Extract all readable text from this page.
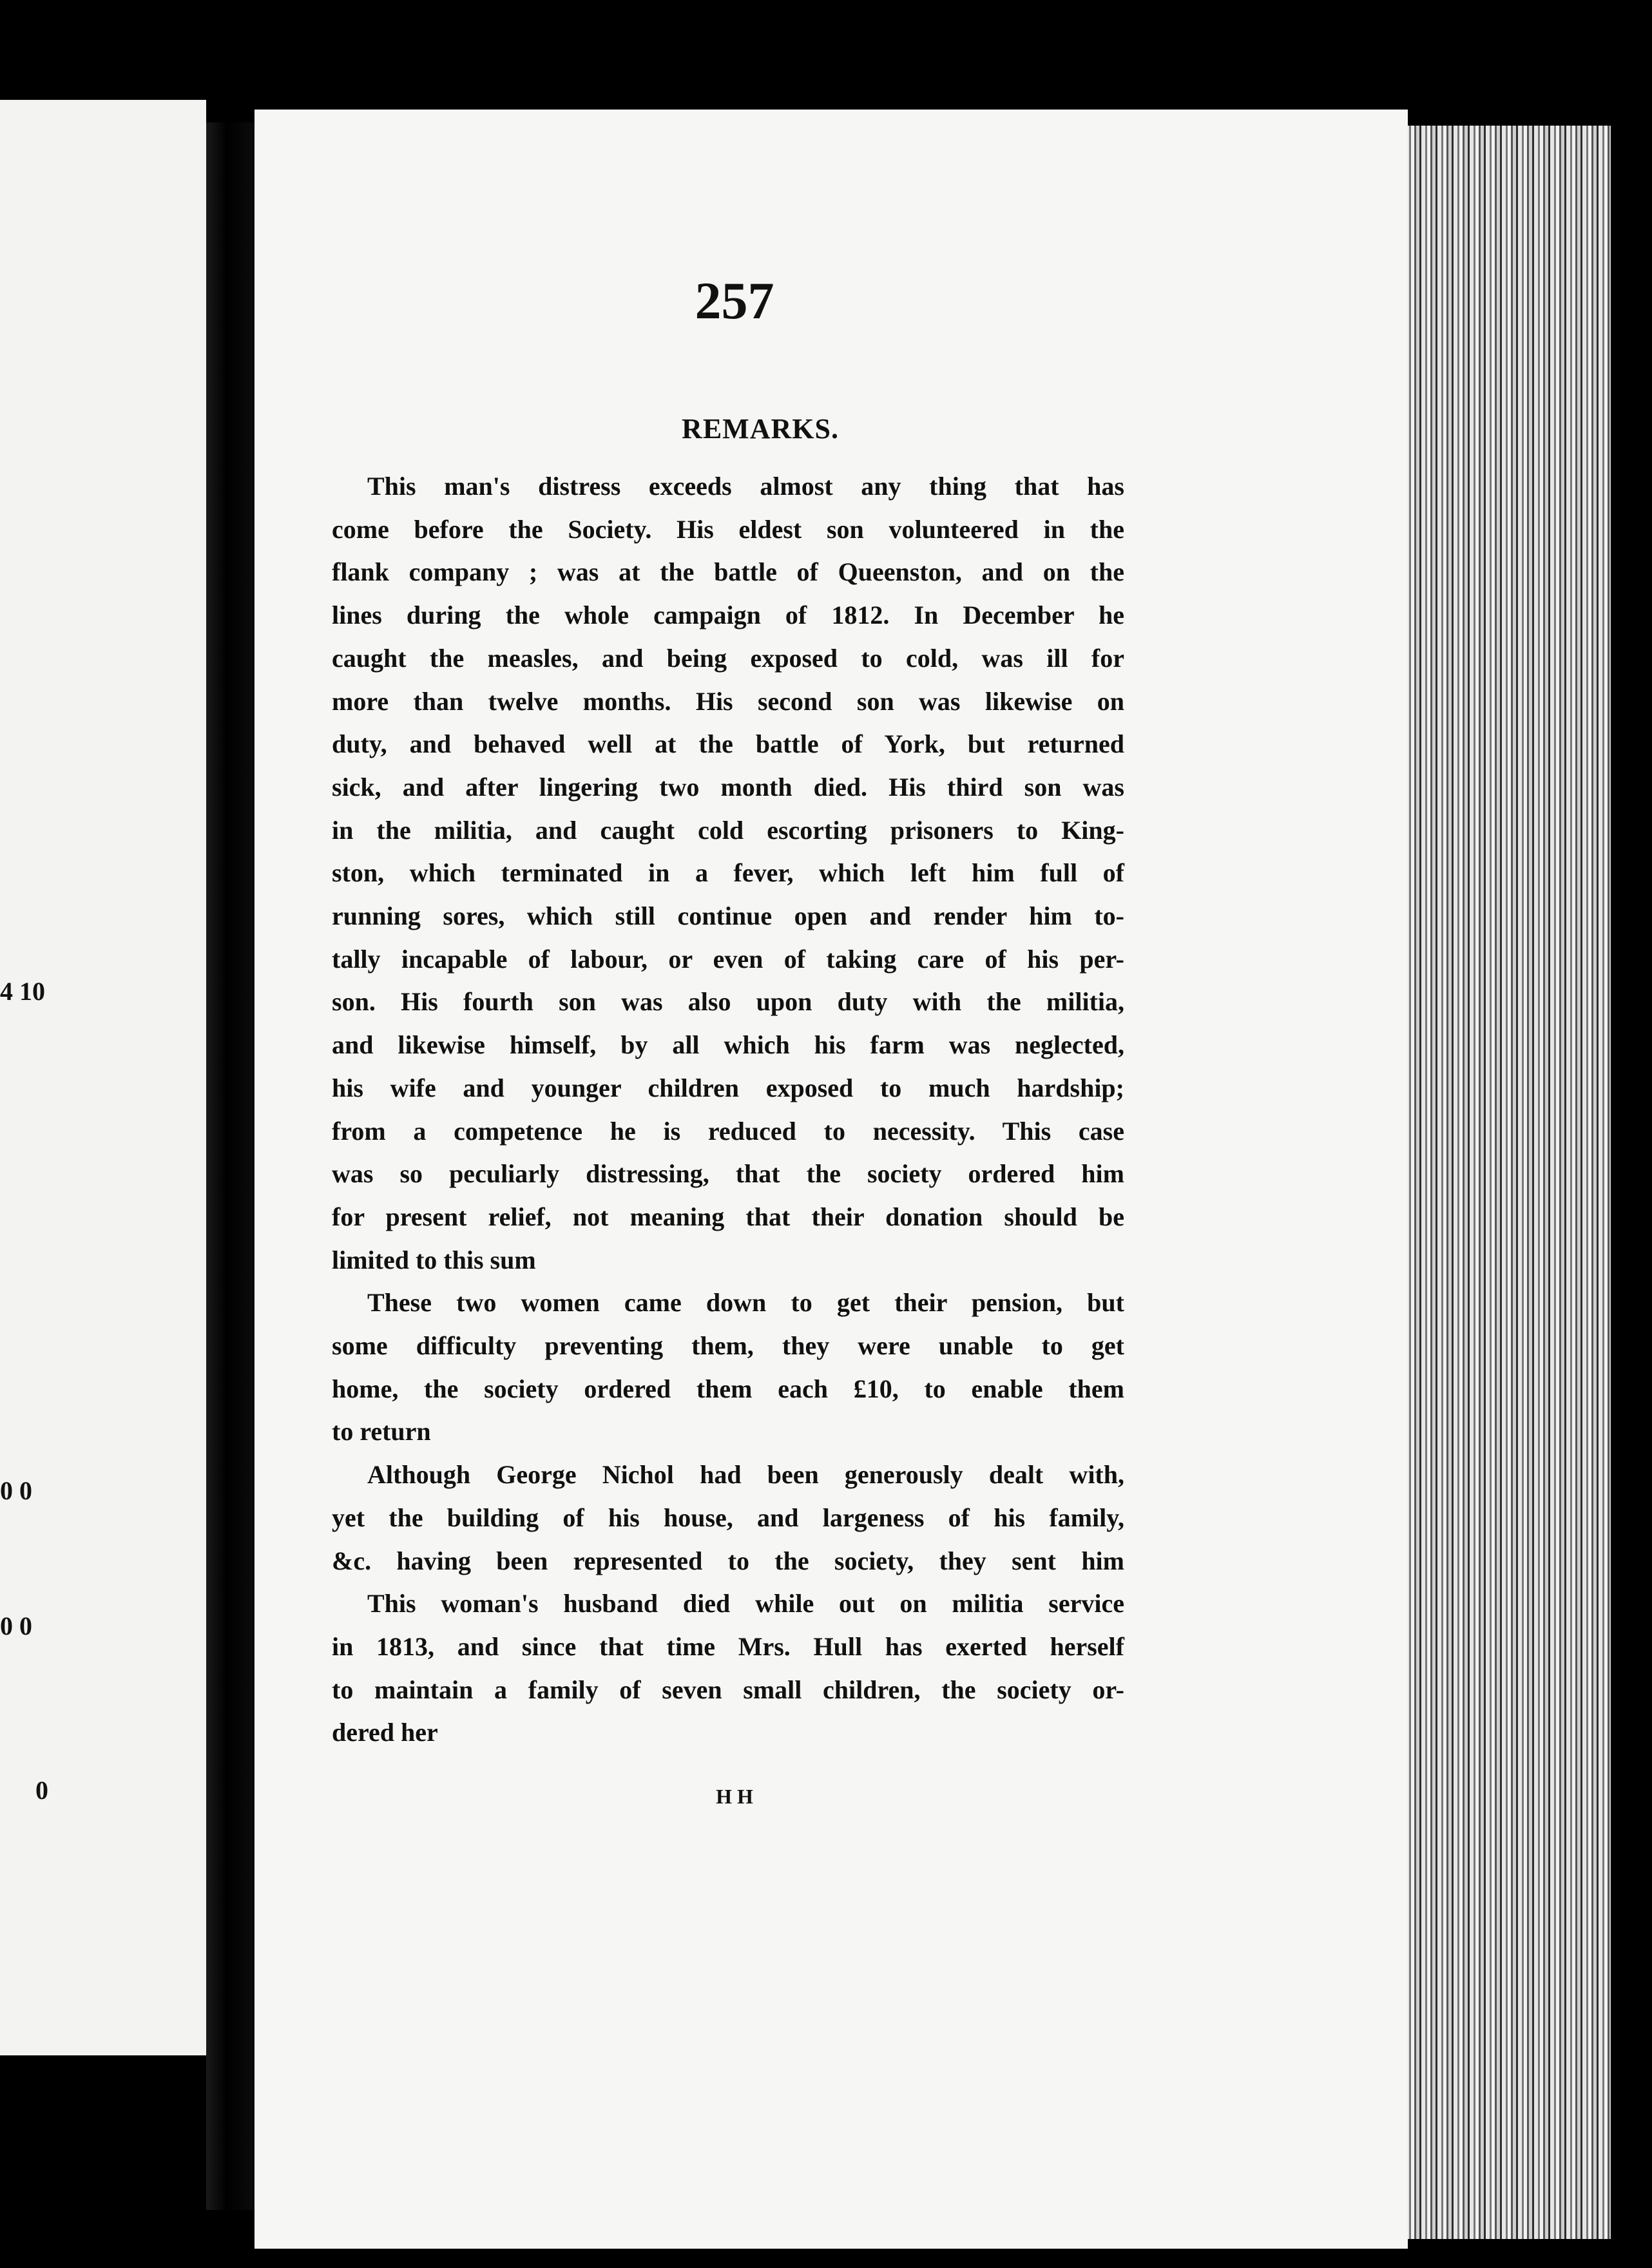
4 10
0 0
0 0
0
257
REMARKS.
This man's distress exceeds almost any thing that has
come before the Society. His eldest son volunteered in the
flank company ; was at the battle of Queenston, and on the
lines during the whole campaign of 1812. In December he
caught the measles, and being exposed to cold, was ill for
more than twelve months. His second son was likewise on
duty, and behaved well at the battle of York, but returned
sick, and after lingering two month died. His third son was
in the militia, and caught cold escorting prisoners to King-
ston, which terminated in a fever, which left him full of
running sores, which still continue open and render him to-
tally incapable of labour, or even of taking care of his per-
son. His fourth son was also upon duty with the militia,
and likewise himself, by all which his farm was neglected,
his wife and younger children exposed to much hardship;
from a competence he is reduced to necessity. This case
was so peculiarly distressing, that the society ordered him
for present relief, not meaning that their donation should be
limited to this sum
These two women came down to get their pension, but
some difficulty preventing them, they were unable to get
home, the society ordered them each £10, to enable them
to return
Although George Nichol had been generously dealt with,
yet the building of his house, and largeness of his family,
&c. having been represented to the society, they sent him
This woman's husband died while out on militia service
in 1813, and since that time Mrs. Hull has exerted herself
to maintain a family of seven small children, the society or-
dered her
H H
